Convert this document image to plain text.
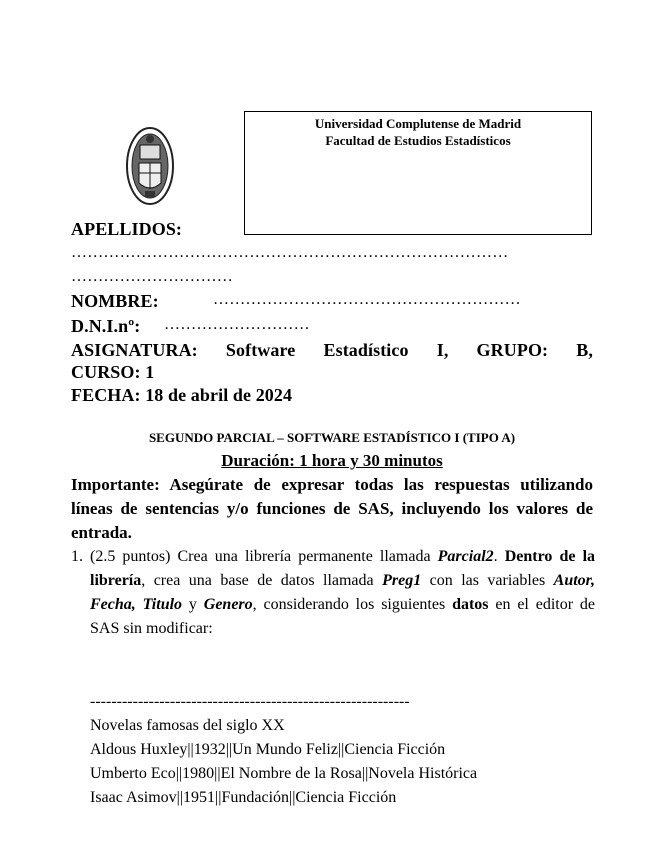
Universidad Complutense de Madrid
Facultad de Estudios Estadísticos
APELLIDOS:
………………………………………………………………………
…………………………
NOMBRE:	…………………………………………………
D.N.I.nº: ………………………
ASIGNATURA: Software Estadístico I, GRUPO: B,
CURSO: 1
FECHA: 18 de abril de 2024
SEGUNDO PARCIAL – SOFTWARE ESTADÍSTICO I (TIPO A)
Duración: 1 hora y 30 minutos
Importante: Asegúrate de expresar todas las respuestas utilizando líneas de sentencias y/o funciones de SAS, incluyendo los valores de entrada.
1. (2.5 puntos) Crea una librería permanente llamada Parcial2. Dentro de la librería, crea una base de datos llamada Preg1 con las variables Autor, Fecha, Titulo y Genero, considerando los siguientes datos en el editor de SAS sin modificar:
------------------------------------------------------------
Novelas famosas del siglo XX
Aldous Huxley||1932||Un Mundo Feliz||Ciencia Ficción
Umberto Eco||1980||El Nombre de la Rosa||Novela Histórica
Isaac Asimov||1951||Fundación||Ciencia Ficción
